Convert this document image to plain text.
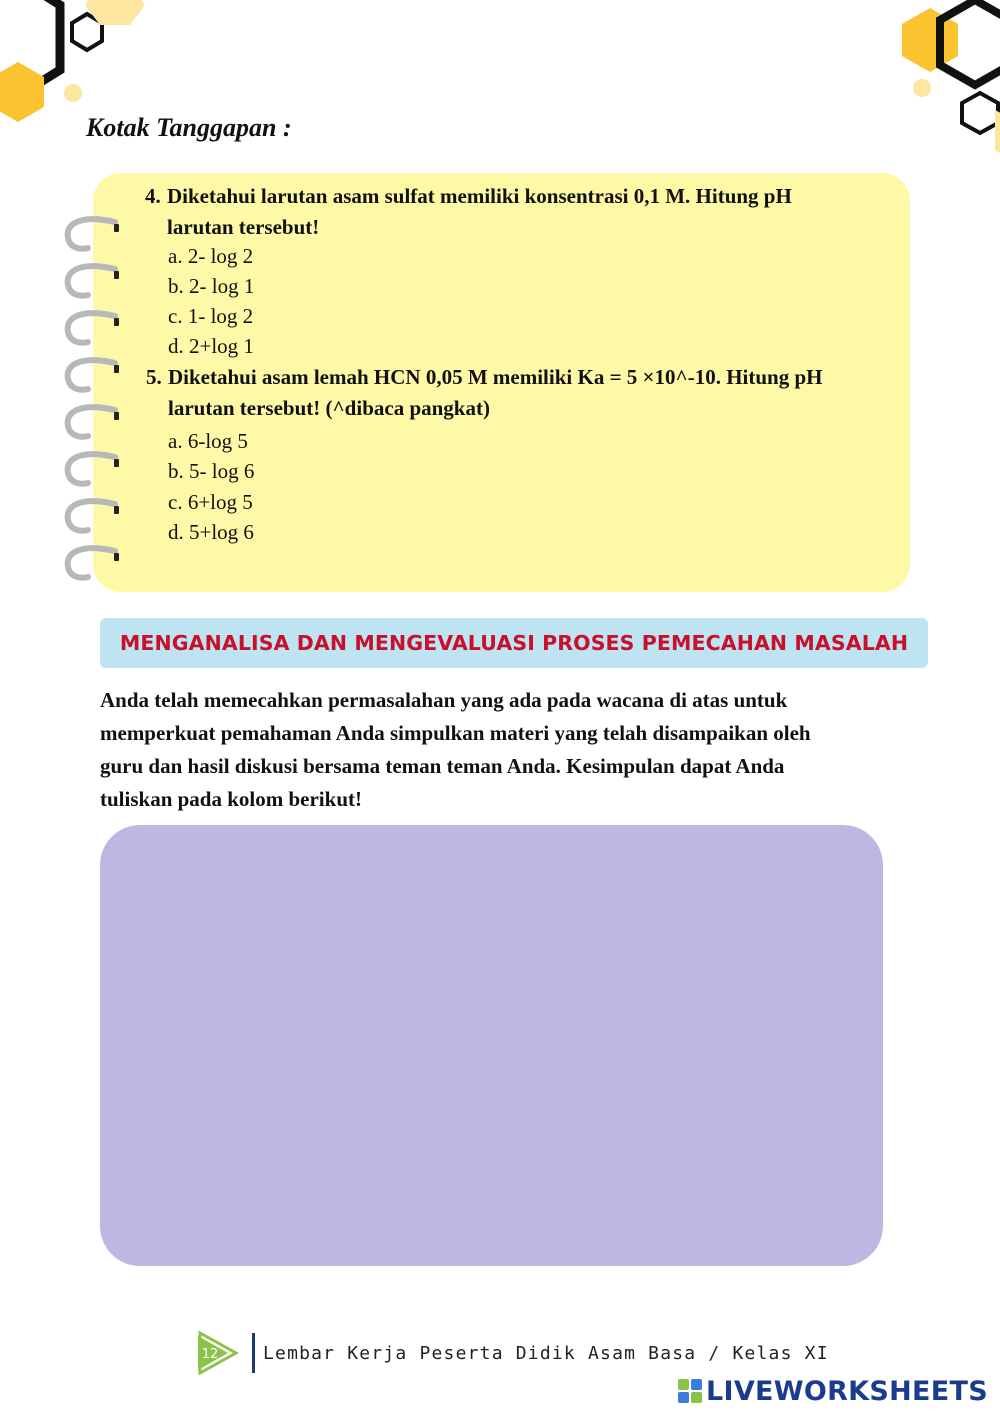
Kotak Tanggapan :
4. Diketahui larutan asam sulfat memiliki konsentrasi 0,1 M. Hitung pH
larutan tersebut!
a. 2- log 2
b. 2- log 1
c. 1- log 2
d. 2+log 1
5. Diketahui asam lemah HCN 0,05 M memiliki Ka = 5 ×10^-10. Hitung pH
larutan tersebut! (^dibaca pangkat)
a. 6-log 5
b. 5- log 6
c. 6+log 5
d. 5+log 6
MENGANALISA DAN MENGEVALUASI PROSES PEMECAHAN MASALAH
Anda telah memecahkan permasalahan yang ada pada wacana di atas untuk
memperkuat pemahaman Anda simpulkan materi yang telah disampaikan oleh
guru dan hasil diskusi bersama teman teman Anda. Kesimpulan dapat Anda
tuliskan pada kolom berikut!
12 Lembar Kerja Peserta Didik Asam Basa / Kelas XI
LIVEWORKSHEETS
